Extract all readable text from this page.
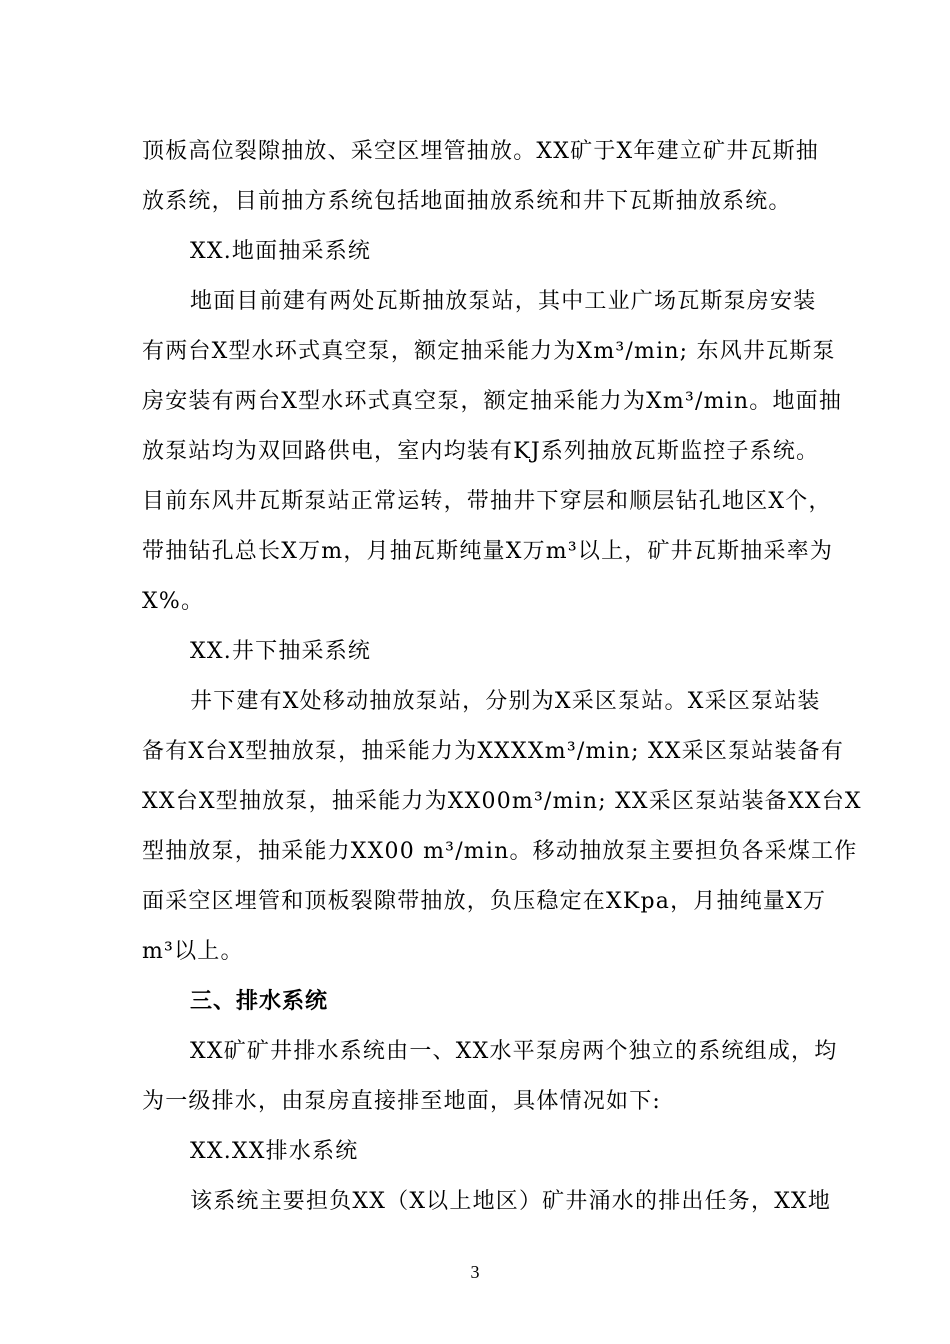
顶板高位裂隙抽放、采空区埋管抽放。XX矿于X年建立矿井瓦斯抽
放系统，目前抽方系统包括地面抽放系统和井下瓦斯抽放系统。
XX.地面抽采系统
地面目前建有两处瓦斯抽放泵站，其中工业广场瓦斯泵房安装
有两台X型水环式真空泵，额定抽采能力为Xm³/min; 东风井瓦斯泵
房安装有两台X型水环式真空泵，额定抽采能力为Xm³/min。地面抽
放泵站均为双回路供电，室内均装有KJ系列抽放瓦斯监控子系统。
目前东风井瓦斯泵站正常运转，带抽井下穿层和顺层钻孔地区X个，
带抽钻孔总长X万m，月抽瓦斯纯量X万m³以上，矿井瓦斯抽采率为
X%。
XX.井下抽采系统
井下建有X处移动抽放泵站，分别为X采区泵站。X采区泵站装
备有X台X型抽放泵，抽采能力为XXXXm³/min; XX采区泵站装备有
XX台X型抽放泵，抽采能力为XX00m³/min; XX采区泵站装备XX台X
型抽放泵，抽采能力XX00 m³/min。移动抽放泵主要担负各采煤工作
面采空区埋管和顶板裂隙带抽放，负压稳定在XKpa，月抽纯量X万
m³以上。
三、排水系统
XX矿矿井排水系统由一、XX水平泵房两个独立的系统组成，均
为一级排水，由泵房直接排至地面，具体情况如下:
XX.XX排水系统
该系统主要担负XX（X以上地区）矿井涌水的排出任务，XX地
3
